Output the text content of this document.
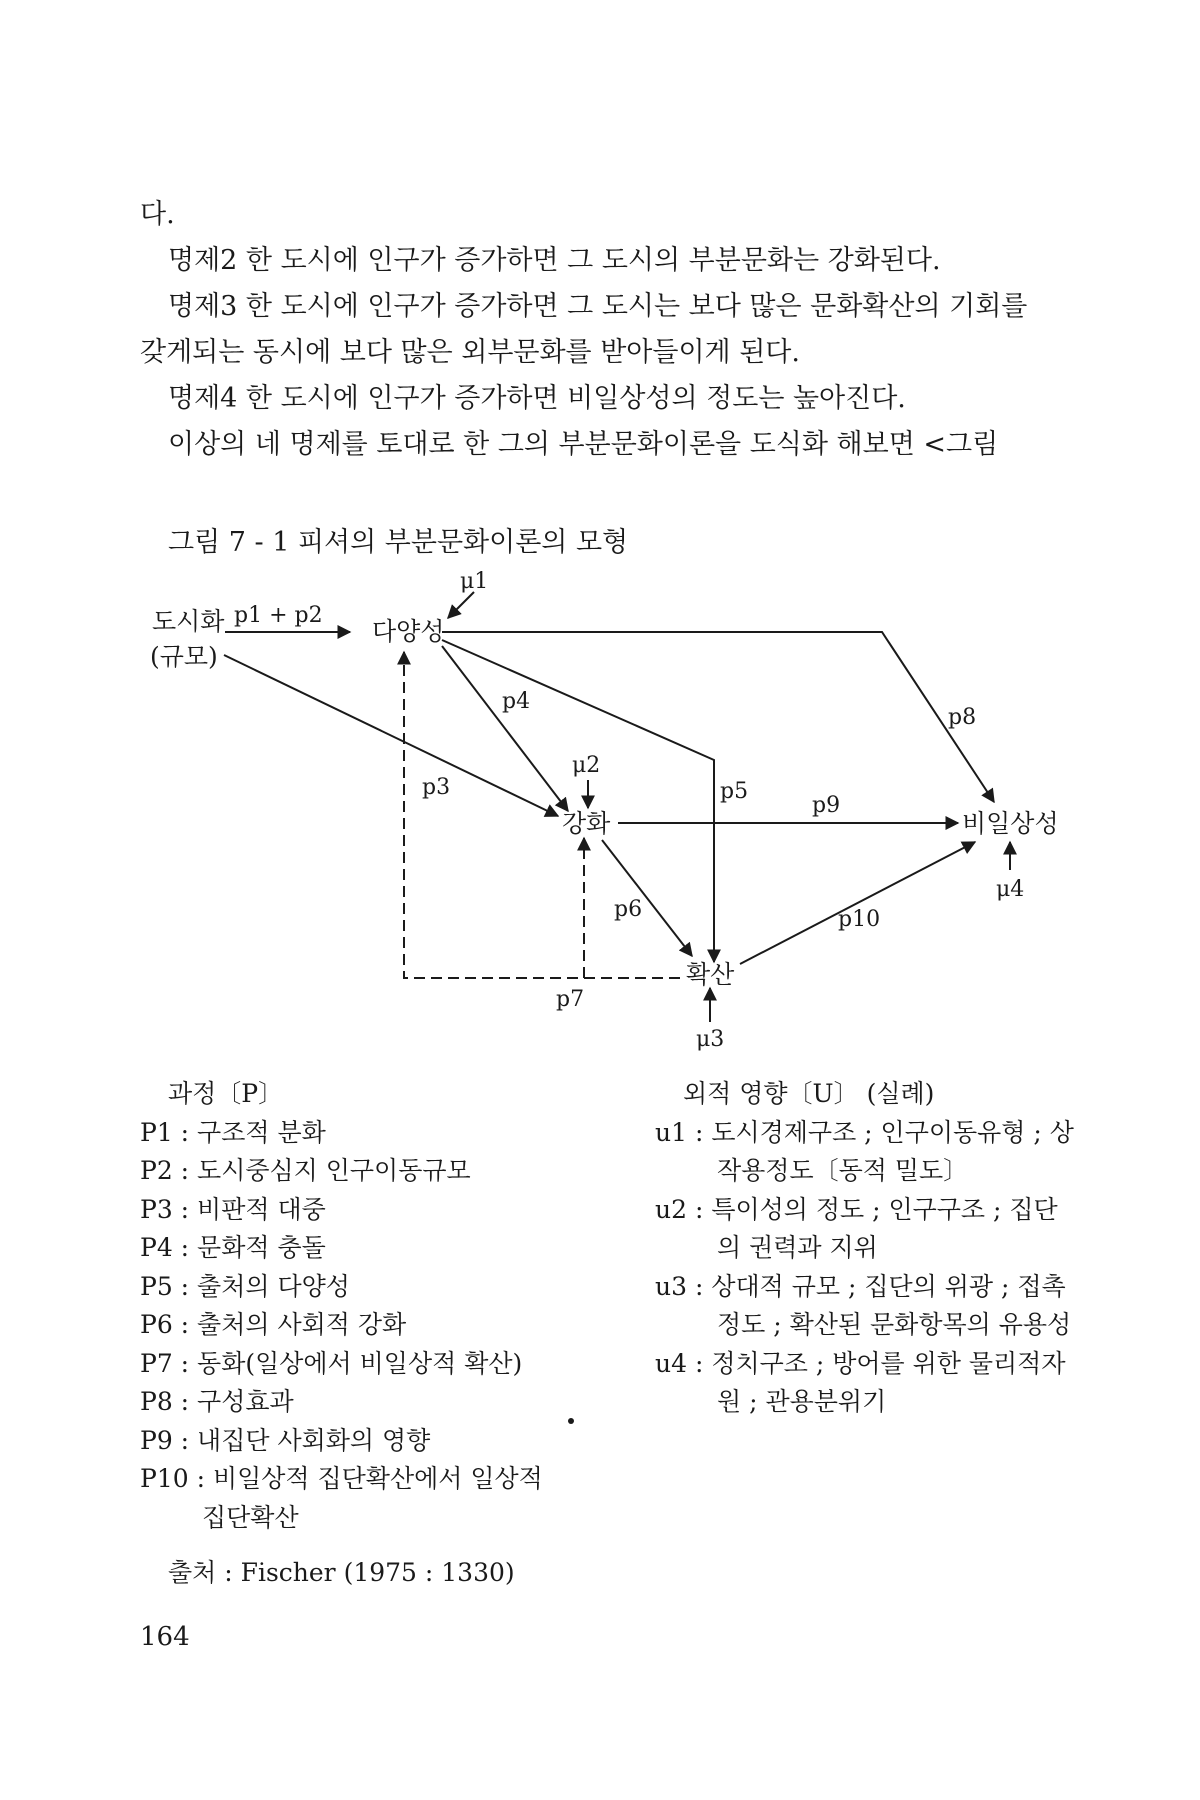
다.
명제2 한 도시에 인구가 증가하면 그 도시의 부분문화는 강화된다.
명제3 한 도시에 인구가 증가하면 그 도시는 보다 많은 문화확산의 기회를
갖게되는 동시에 보다 많은 외부문화를 받아들이게 된다.
명제4 한 도시에 인구가 증가하면 비일상성의 정도는 높아진다.
이상의 네 명제를 토대로 한 그의 부분문화이론을 도식화 해보면 <그림
그림 7 - 1 피셔의 부분문화이론의 모형
도시화
(규모)
다양성
강화	비일상성
확산
p1 + p2
p3
p4
p5
p6
p7
p8
p9
p10
μ1
μ2
μ3
μ4
과정〔P〕
P1 : 구조적 분화
P2 : 도시중심지 인구이동규모
P3 : 비판적 대중
P4 : 문화적 충돌
P5 : 출처의 다양성
P6 : 출처의 사회적 강화
P7 : 동화(일상에서 비일상적 확산)
P8 : 구성효과
P9 : 내집단 사회화의 영향
P10 : 비일상적 집단확산에서 일상적
집단확산
외적 영향〔U〕 (실례)
u1 : 도시경제구조 ; 인구이동유형 ; 상
작용정도〔동적 밀도〕
u2 : 특이성의 정도 ; 인구구조 ; 집단
의 권력과 지위
u3 : 상대적 규모 ; 집단의 위광 ; 접촉
정도 ; 확산된 문화항목의 유용성
u4 : 정치구조 ; 방어를 위한 물리적자
원 ; 관용분위기
출처 : Fischer (1975 : 1330)
164
